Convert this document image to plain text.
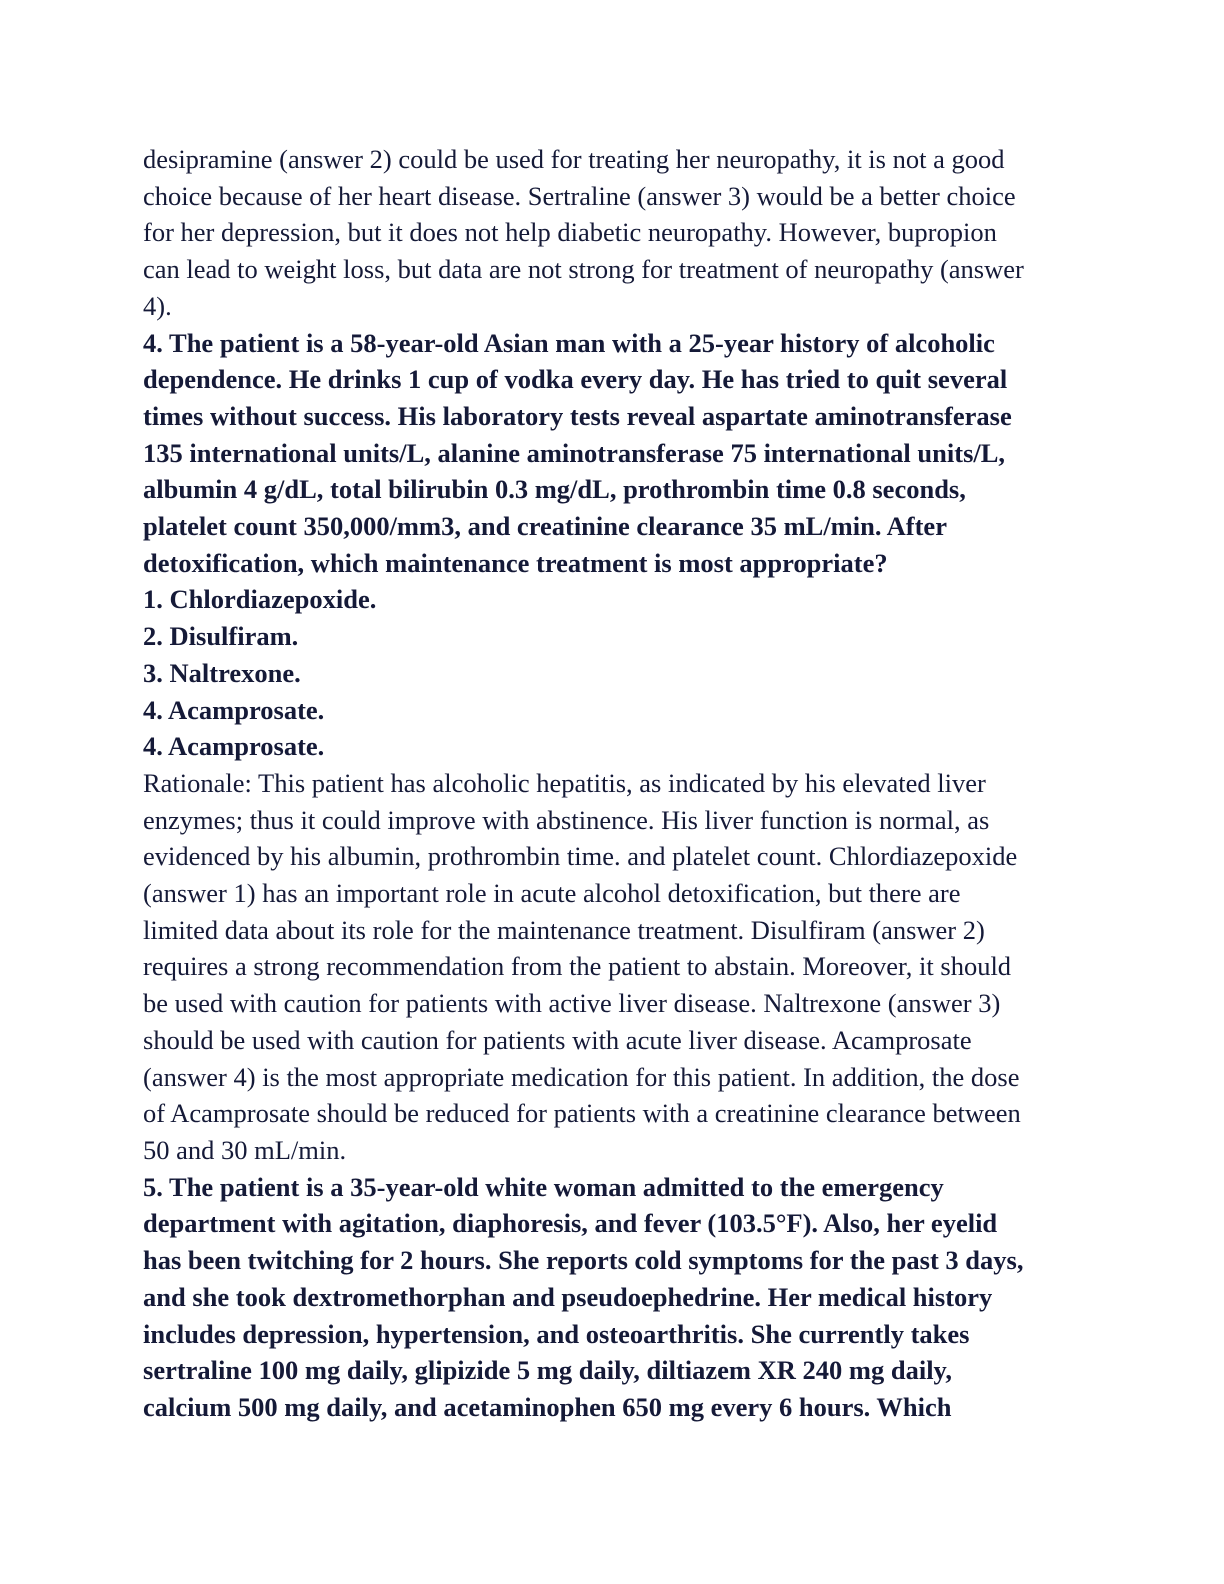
desipramine (answer 2) could be used for treating her neuropathy, it is not a good
choice because of her heart disease. Sertraline (answer 3) would be a better choice
for her depression, but it does not help diabetic neuropathy. However, bupropion
can lead to weight loss, but data are not strong for treatment of neuropathy (answer
4).
4. The patient is a 58-year-old Asian man with a 25-year history of alcoholic
dependence. He drinks 1 cup of vodka every day. He has tried to quit several
times without success. His laboratory tests reveal aspartate aminotransferase
135 international units/L, alanine aminotransferase 75 international units/L,
albumin 4 g/dL, total bilirubin 0.3 mg/dL, prothrombin time 0.8 seconds,
platelet count 350,000/mm3, and creatinine clearance 35 mL/min. After
detoxification, which maintenance treatment is most appropriate?
1. Chlordiazepoxide.
2. Disulfiram.
3. Naltrexone.
4. Acamprosate.
4. Acamprosate.
Rationale: This patient has alcoholic hepatitis, as indicated by his elevated liver
enzymes; thus it could improve with abstinence. His liver function is normal, as
evidenced by his albumin, prothrombin time. and platelet count. Chlordiazepoxide
(answer 1) has an important role in acute alcohol detoxification, but there are
limited data about its role for the maintenance treatment. Disulfiram (answer 2)
requires a strong recommendation from the patient to abstain. Moreover, it should
be used with caution for patients with active liver disease. Naltrexone (answer 3)
should be used with caution for patients with acute liver disease. Acamprosate
(answer 4) is the most appropriate medication for this patient. In addition, the dose
of Acamprosate should be reduced for patients with a creatinine clearance between
50 and 30 mL/min.
5. The patient is a 35-year-old white woman admitted to the emergency
department with agitation, diaphoresis, and fever (103.5°F). Also, her eyelid
has been twitching for 2 hours. She reports cold symptoms for the past 3 days,
and she took dextromethorphan and pseudoephedrine. Her medical history
includes depression, hypertension, and osteoarthritis. She currently takes
sertraline 100 mg daily, glipizide 5 mg daily, diltiazem XR 240 mg daily,
calcium 500 mg daily, and acetaminophen 650 mg every 6 hours. Which
